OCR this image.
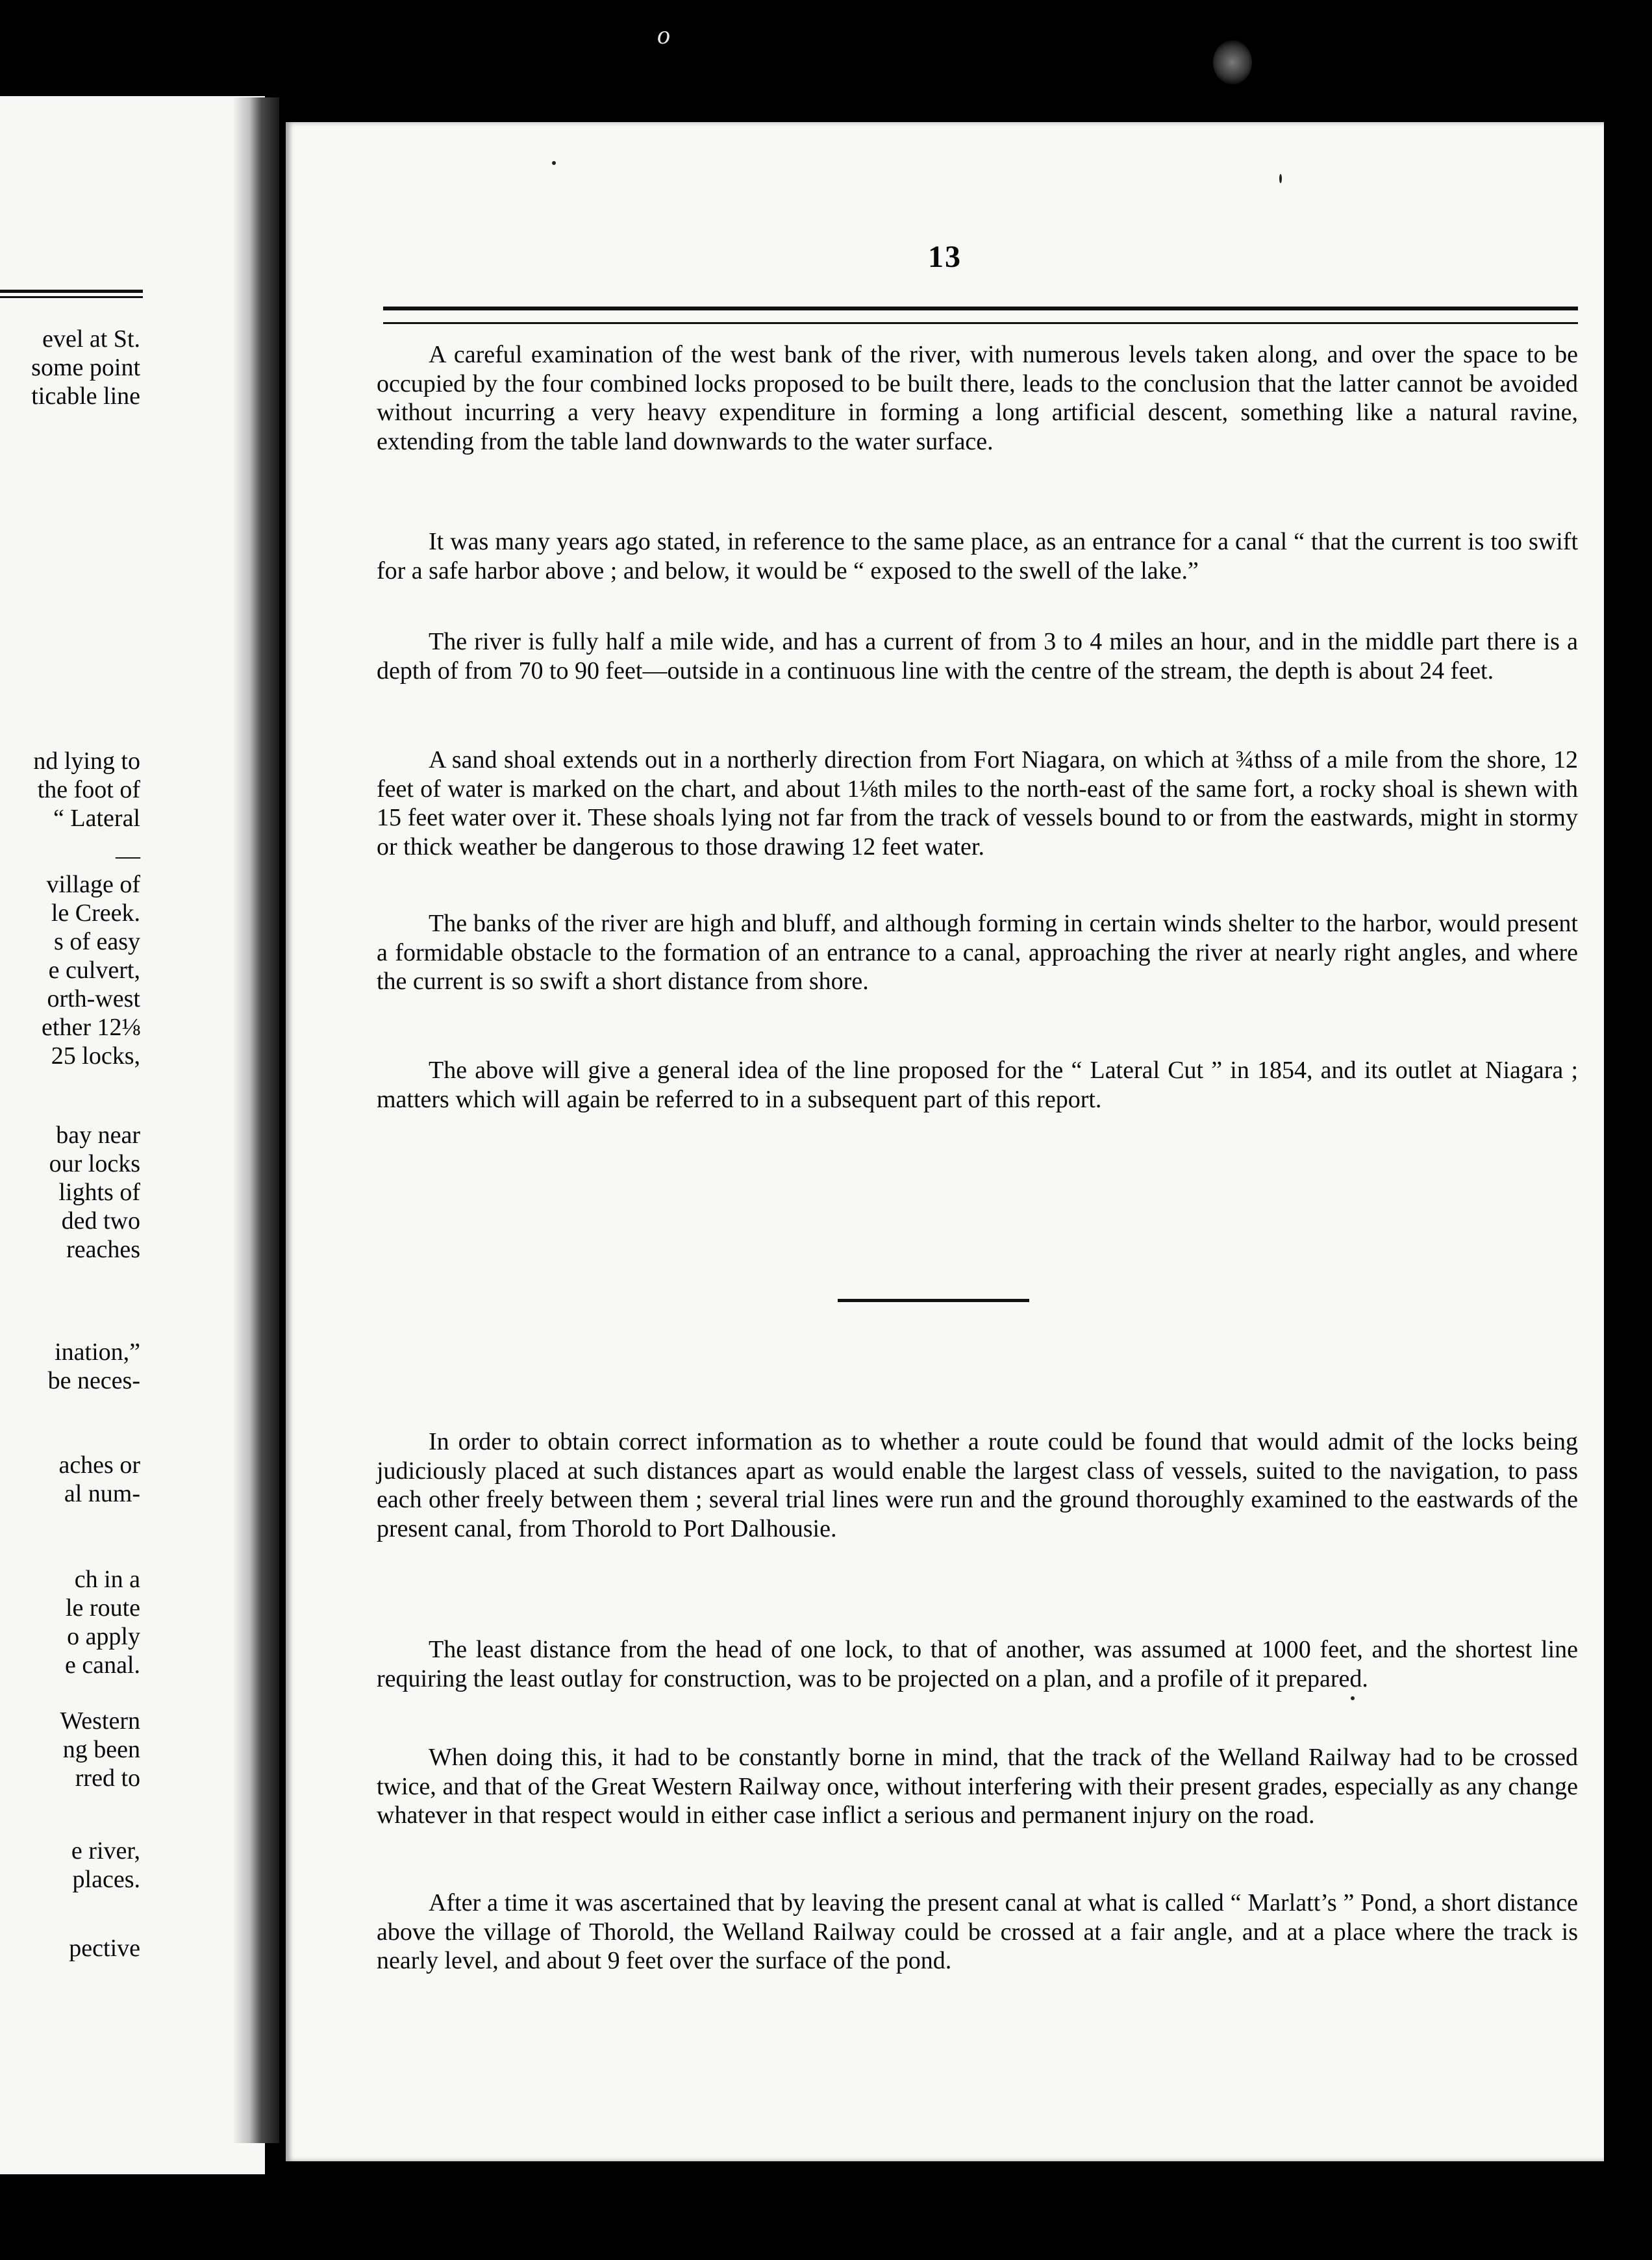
o
evel at St.
some point
ticable line
nd lying to
the foot of
“ Lateral
—
village of
le Creek.
s of easy
e culvert,
orth-west
ether 12⅛
25 locks,
bay near
our locks
lights of
ded two
reaches
ination,”
be neces-
aches or
al num-
ch in a
le route
o apply
e canal.
Western
ng been
rred to
e river,
places.
pective
13

A careful examination of the west bank of the river, with numerous levels taken along, and over the space to be occupied by the four combined locks proposed to be built there, leads to the conclusion that the latter cannot be avoided without incurring a very heavy expenditure in forming a long artificial descent, something like a natural ravine, extending from the table land downwards to the water surface.

It was many years ago stated, in reference to the same place, as an entrance for a canal “ that the current is too swift for a safe harbor above ; and below, it would be “ exposed to the swell of the lake.”

The river is fully half a mile wide, and has a current of from 3 to 4 miles an hour, and in the middle part there is a depth of from 70 to 90 feet—outside in a continuous line with the centre of the stream, the depth is about 24 feet.

A sand shoal extends out in a northerly direction from Fort Niagara, on which at ¾thss of a mile from the shore, 12 feet of water is marked on the chart, and about 1⅛th miles to the north-east of the same fort, a rocky shoal is shewn with 15 feet water over it. These shoals lying not far from the track of vessels bound to or from the eastwards, might in stormy or thick weather be dangerous to those drawing 12 feet water.

The banks of the river are high and bluff, and although forming in certain winds shelter to the harbor, would present a formidable obstacle to the formation of an entrance to a canal, approaching the river at nearly right angles, and where the current is so swift a short distance from shore.

The above will give a general idea of the line proposed for the “ Lateral Cut ” in 1854, and its outlet at Niagara ; matters which will again be referred to in a subsequent part of this report.

In order to obtain correct information as to whether a route could be found that would admit of the locks being judiciously placed at such distances apart as would enable the largest class of vessels, suited to the navigation, to pass each other freely between them ; several trial lines were run and the ground thoroughly examined to the eastwards of the present canal, from Thorold to Port Dalhousie.

The least distance from the head of one lock, to that of another, was assumed at 1000 feet, and the shortest line requiring the least outlay for construction, was to be projected on a plan, and a profile of it prepared.

When doing this, it had to be constantly borne in mind, that the track of the Welland Railway had to be crossed twice, and that of the Great Western Railway once, without interfering with their present grades, especially as any change whatever in that respect would in either case inflict a serious and permanent injury on the road.

After a time it was ascertained that by leaving the present canal at what is called “ Marlatt’s ” Pond, a short distance above the village of Thorold, the Welland Railway could be crossed at a fair angle, and at a place where the track is nearly level, and about 9 feet over the surface of the pond.
